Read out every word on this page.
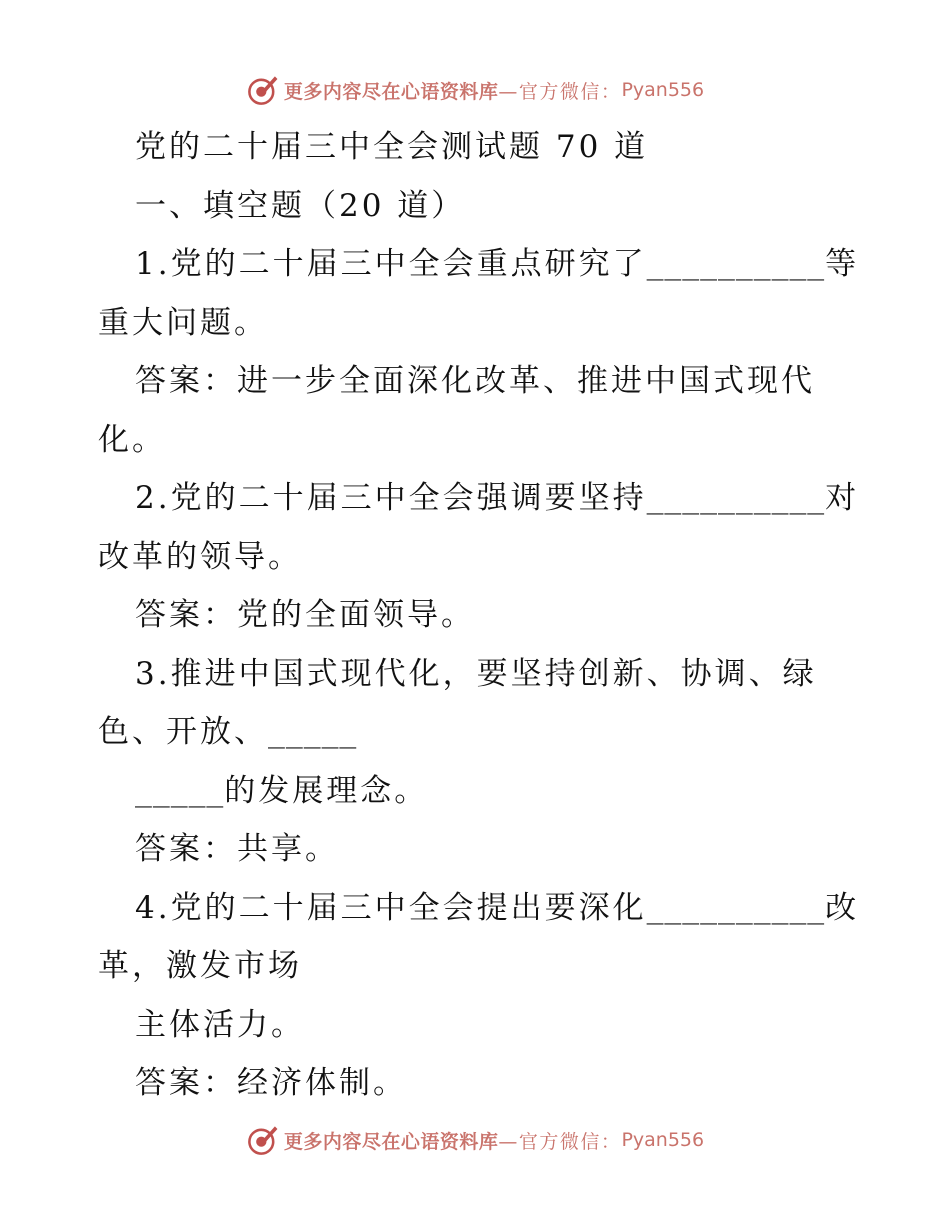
更多内容尽在心语资料库 —官方微信： Pyan556
党的二十届三中全会测试题 70 道
一、填空题（20 道）
1.党的二十届三中全会重点研究了__________等
重大问题。
答案：进一步全面深化改革、推进中国式现代
化。
2.党的二十届三中全会强调要坚持__________对
改革的领导。
答案：党的全面领导。
3.推进中国式现代化，要坚持创新、协调、绿
色、开放、_____
_____的发展理念。
答案：共享。
4.党的二十届三中全会提出要深化__________改
革，激发市场
主体活力。
答案：经济体制。
更多内容尽在心语资料库 —官方微信： Pyan556
